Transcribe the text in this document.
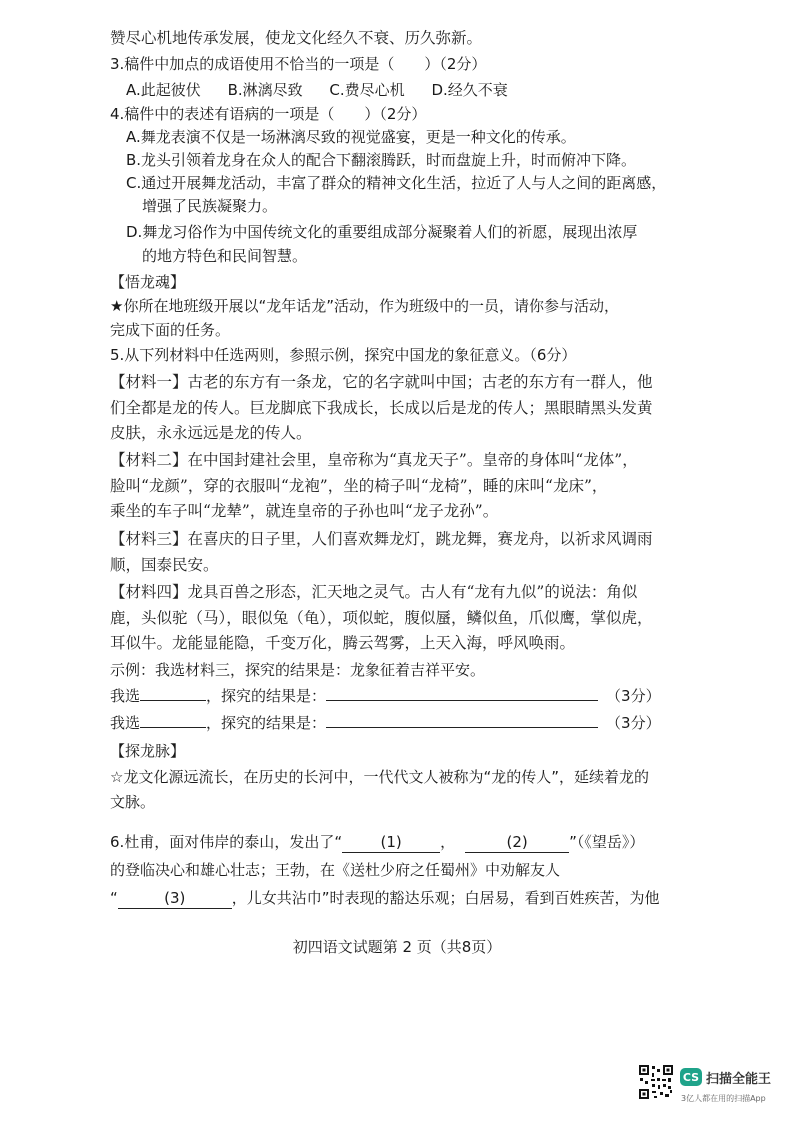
赞尽心机地传承发展，使龙文化经久不衰、历久弥新。
3.稿件中加点的成语使用不恰当的一项是（　　）（2分）
A.此起彼伏 B.淋漓尽致 C.费尽心机 D.经久不衰
4.稿件中的表述有语病的一项是（　　）（2分）
A.舞龙表演不仅是一场淋漓尽致的视觉盛宴，更是一种文化的传承。
B.龙头引领着龙身在众人的配合下翻滚腾跃，时而盘旋上升，时而俯冲下降。
C.通过开展舞龙活动，丰富了群众的精神文化生活，拉近了人与人之间的距离感，
增强了民族凝聚力。
D.舞龙习俗作为中国传统文化的重要组成部分凝聚着人们的祈愿，展现出浓厚
的地方特色和民间智慧。
【悟龙魂】
★你所在地班级开展以“龙年话龙”活动，作为班级中的一员，请你参与活动，
完成下面的任务。
5.从下列材料中任选两则，参照示例，探究中国龙的象征意义。（6分）
【材料一】古老的东方有一条龙，它的名字就叫中国；古老的东方有一群人，他
们全都是龙的传人。巨龙脚底下我成长，长成以后是龙的传人；黑眼睛黑头发黄
皮肤，永永远远是龙的传人。
【材料二】在中国封建社会里，皇帝称为“真龙天子”。皇帝的身体叫“龙体”，
脸叫“龙颜”，穿的衣服叫“龙袍”，坐的椅子叫“龙椅”，睡的床叫“龙床”，
乘坐的车子叫“龙辇”，就连皇帝的子孙也叫“龙子龙孙”。
【材料三】在喜庆的日子里，人们喜欢舞龙灯，跳龙舞，赛龙舟，以祈求风调雨
顺，国泰民安。
【材料四】龙具百兽之形态，汇天地之灵气。古人有“龙有九似”的说法：角似
鹿，头似驼（马），眼似兔（龟），项似蛇，腹似蜃，鳞似鱼，爪似鹰，掌似虎，
耳似牛。龙能显能隐，千变万化，腾云驾雾，上天入海，呼风唤雨。
示例：我选材料三，探究的结果是：龙象征着吉祥平安。
我选	，探究的结果是：	（3分）
我选	，探究的结果是：	（3分）
【探龙脉】
☆龙文化源远流长，在历史的长河中，一代代文人被称为“龙的传人”，延续着龙的
文脉。
6.杜甫，面对伟岸的泰山，发出了“	(1)	，	(2)	”（《望岳》）
的登临决心和雄心壮志；王勃，在《送杜少府之任蜀州》中劝解友人
“	(3)	，儿女共沾巾”时表现的豁达乐观；白居易，看到百姓疾苦，为他
初四语文试题第 2 页（共8页）
CS 扫描全能王
3亿人都在用的扫描App
